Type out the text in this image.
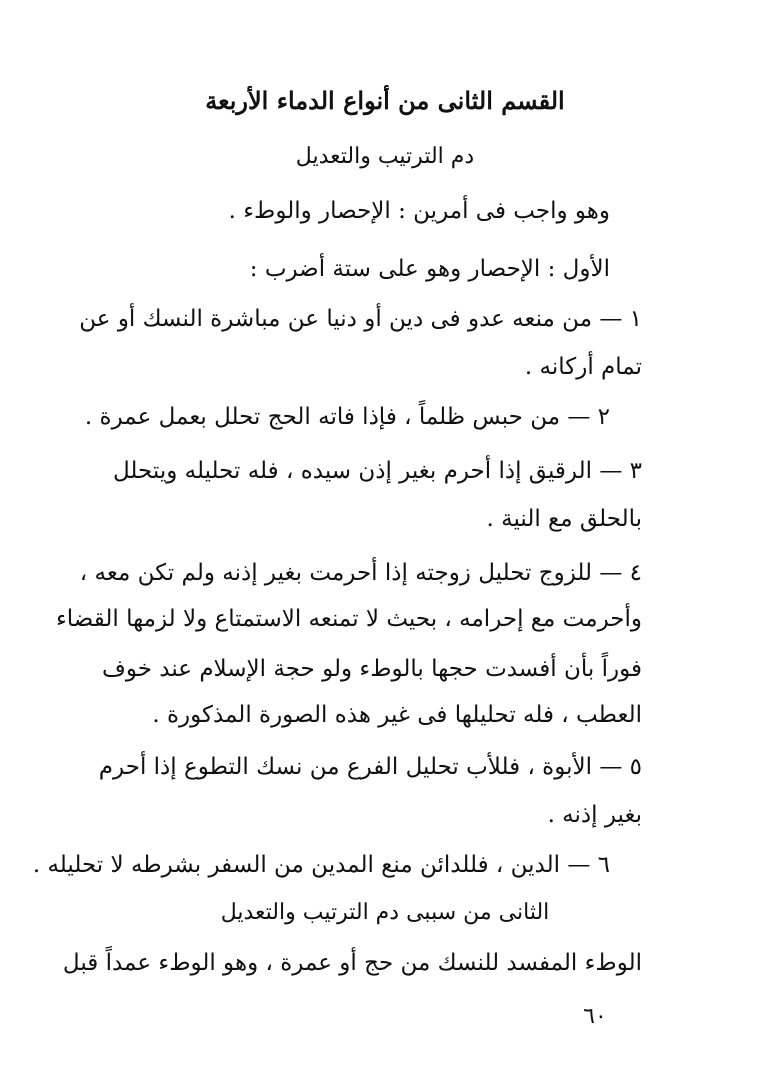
القسم الثانى من أنواع الدماء الأربعة
دم الترتيب والتعديل
وهو واجب فى أمرين : الإحصار والوطء .
الأول : الإحصار وهو على ستة أضرب :
١ — من منعه عدو فى دين أو دنيا عن مباشرة النسك أو عن
تمام أركانه .
٢ — من حبس ظلماً ، فإذا فاته الحج تحلل بعمل عمرة .
٣ — الرقيق إذا أحرم بغير إذن سيده ، فله تحليله ويتحلل
بالحلق مع النية .
٤ — للزوج تحليل زوجته إذا أحرمت بغير إذنه ولم تكن معه ،
وأحرمت مع إحرامه ، بحيث لا تمنعه الاستمتاع ولا لزمها القضاء
فوراً بأن أفسدت حجها بالوطء ولو حجة الإسلام عند خوف
العطب ، فله تحليلها فى غير هذه الصورة المذكورة .
٥ — الأبوة ، فللأب تحليل الفرع من نسك التطوع إذا أحرم
بغير إذنه .
٦ — الدين ، فللدائن منع المدين من السفر بشرطه لا تحليله .
الثانى من سببى دم الترتيب والتعديل
الوطء المفسد للنسك من حج أو عمرة ، وهو الوطء عمداً قبل
٦٠
